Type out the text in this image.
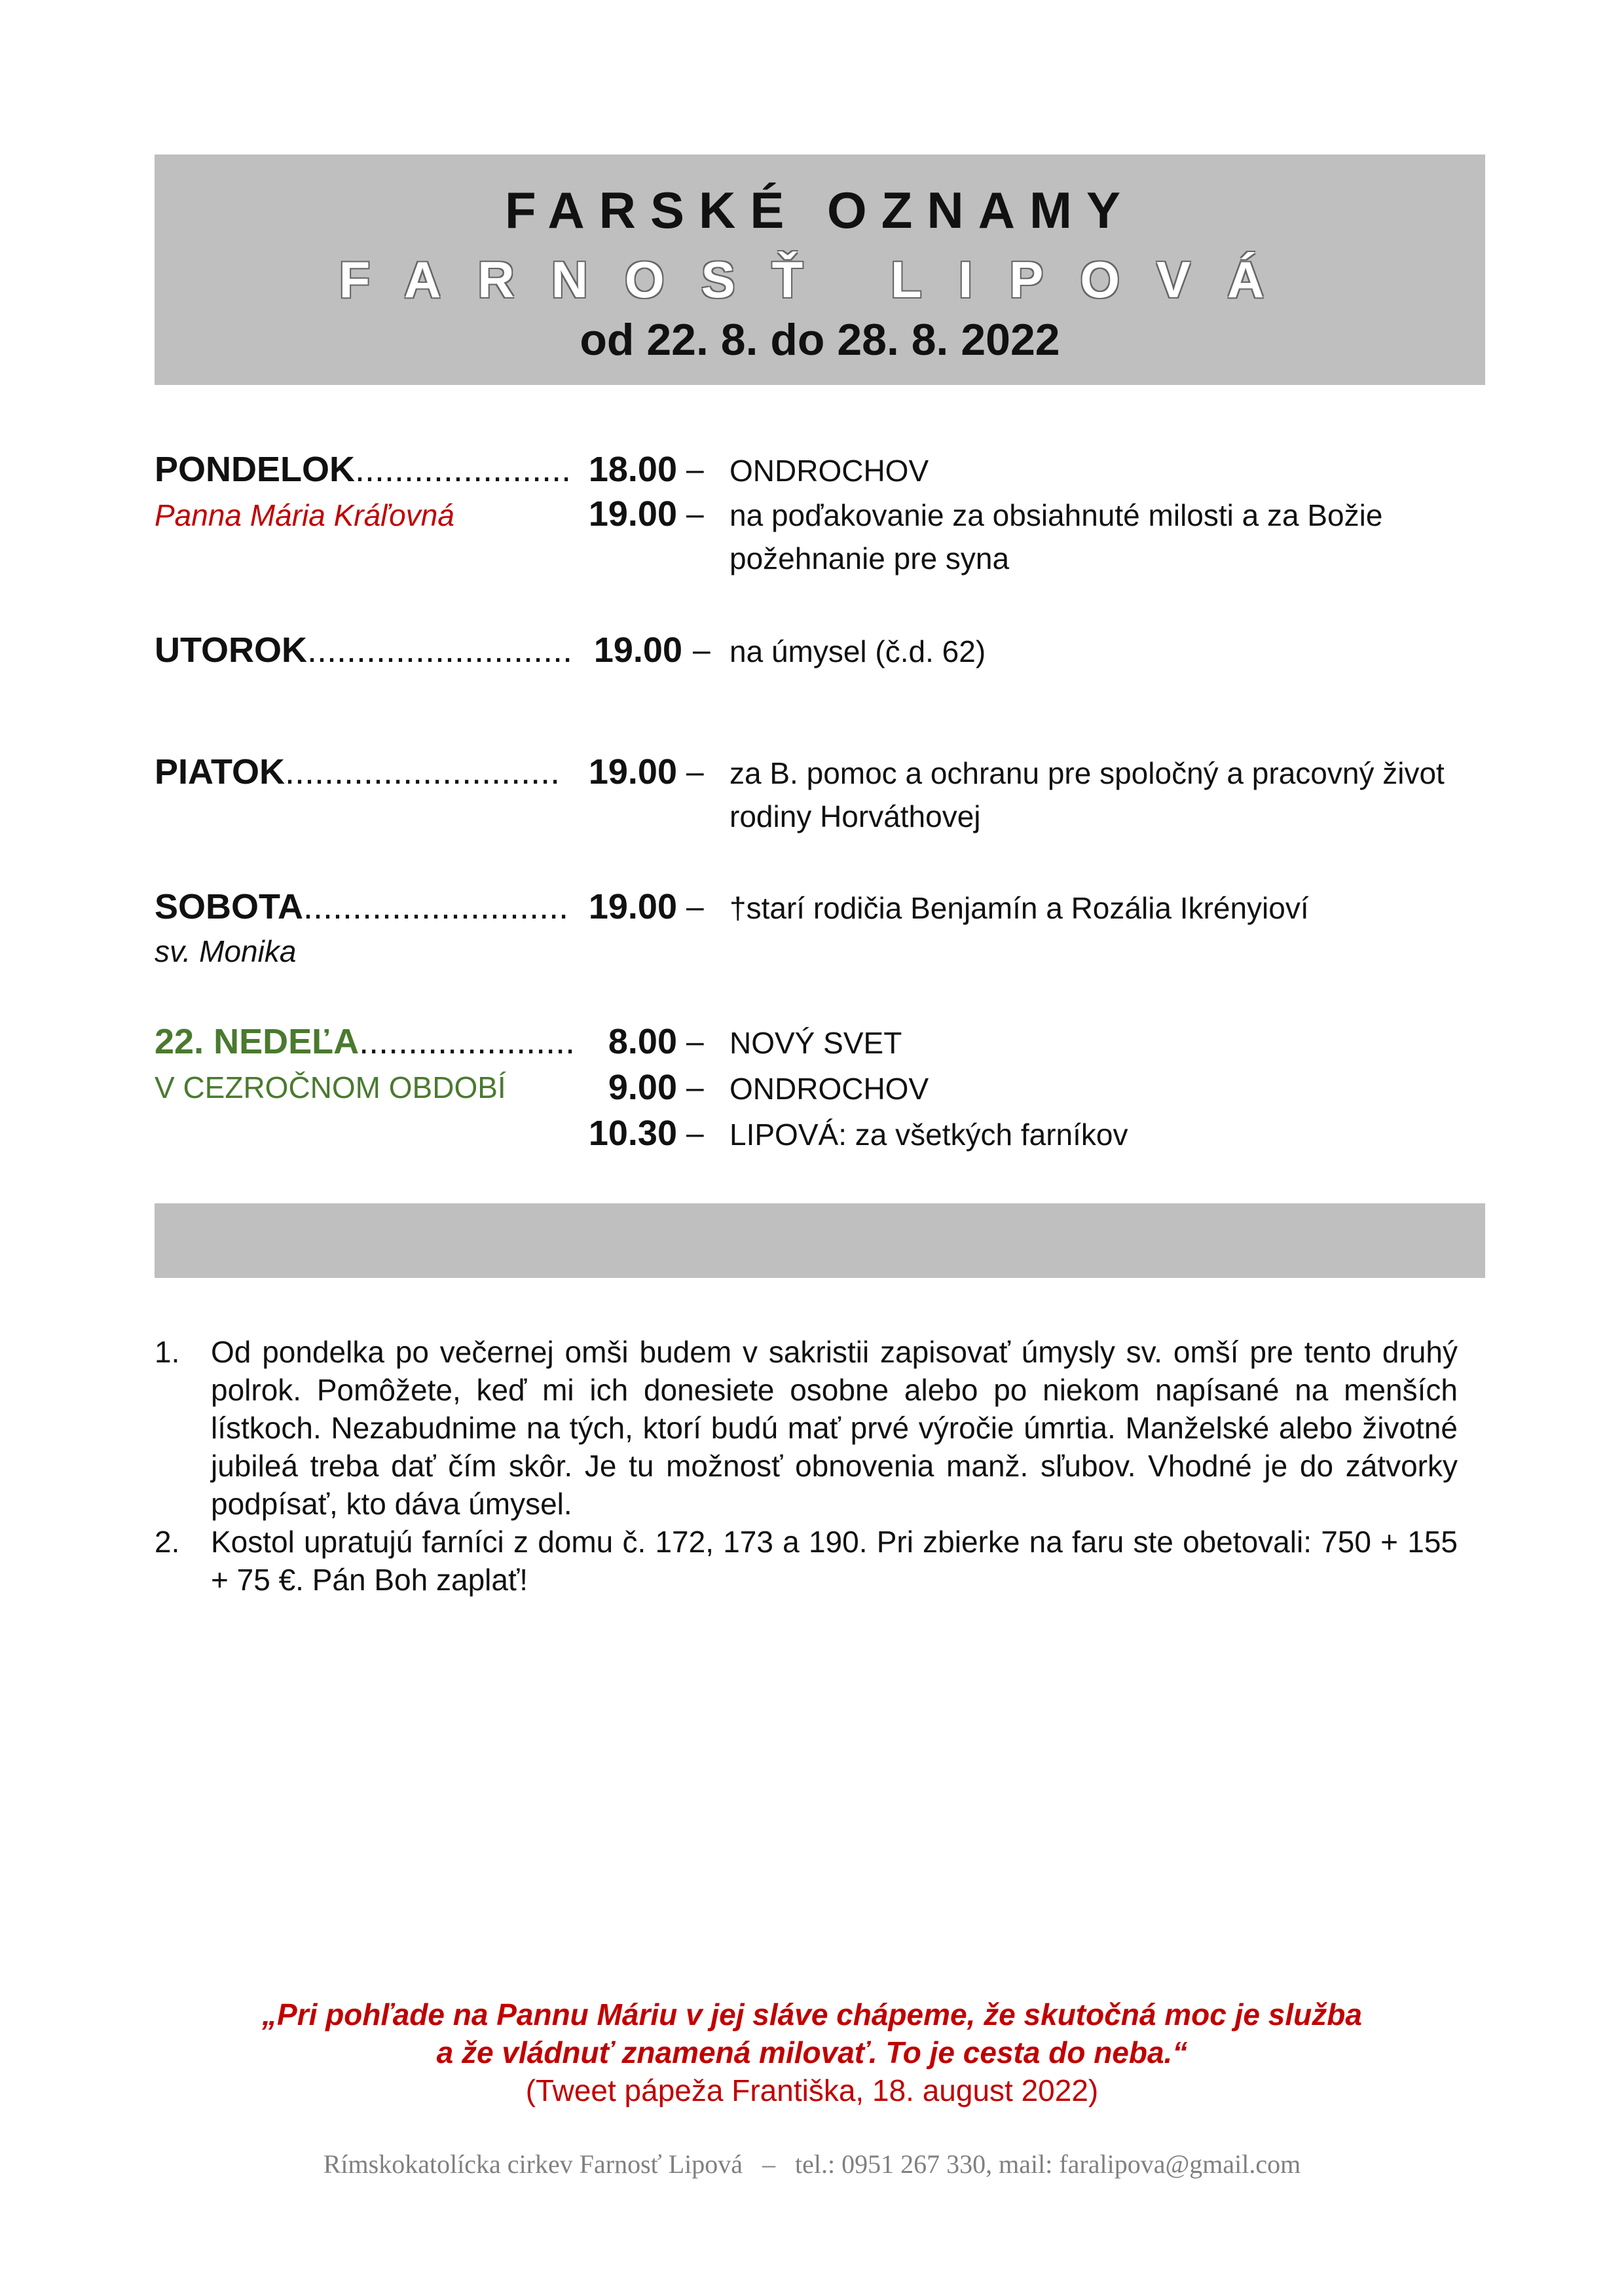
FARSKÉ OZNAMY
FARNOSŤ LIPOVÁ
od 22. 8. do 28. 8. 2022
PONDELOK......................
Panna Mária Kráľovná
18.00 – ONDROCHOV
19.00 – na poďakovanie za obsiahnuté milosti a za Božie požehnanie pre syna
UTOROK........................... 19.00 – na úmysel (č.d. 62)
PIATOK............................ 19.00 – za B. pomoc a ochranu pre spoločný a pracovný život rodiny Horváthovej
SOBOTA...........................
sv. Monika
19.00 – †starí rodičia Benjamín a Rozália Ikrényioví
22. NEDEĽA......................
V CEZROČNOM OBDOBÍ
8.00 – NOVÝ SVET
9.00 – ONDROCHOV
10.30 – LIPOVÁ: za všetkých farníkov
1. Od pondelka po večernej omši budem v sakristii zapisovať úmysly sv. omší pre tento druhý polrok. Pomôžete, keď mi ich donesiete osobne alebo po niekom napísané na menších lístkoch. Nezabudnime na tých, ktorí budú mať prvé výročie úmrtia. Manželské alebo životné jubileá treba dať čím skôr. Je tu možnosť obnovenia manž. sľubov. Vhodné je do zátvorky podpísať, kto dáva úmysel.
2. Kostol upratujú farníci z domu č. 172, 173 a 190. Pri zbierke na faru ste obetovali: 750 + 155 + 75 €. Pán Boh zaplať!
„Pri pohľade na Pannu Máriu v jej sláve chápeme, že skutočná moc je služba
a že vládnuť znamená milovať. To je cesta do neba.“
(Tweet pápeža Františka, 18. august 2022)
Rímskokatolícka cirkev Farnosť Lipová   –   tel.: 0951 267 330, mail: faralipova@gmail.com
